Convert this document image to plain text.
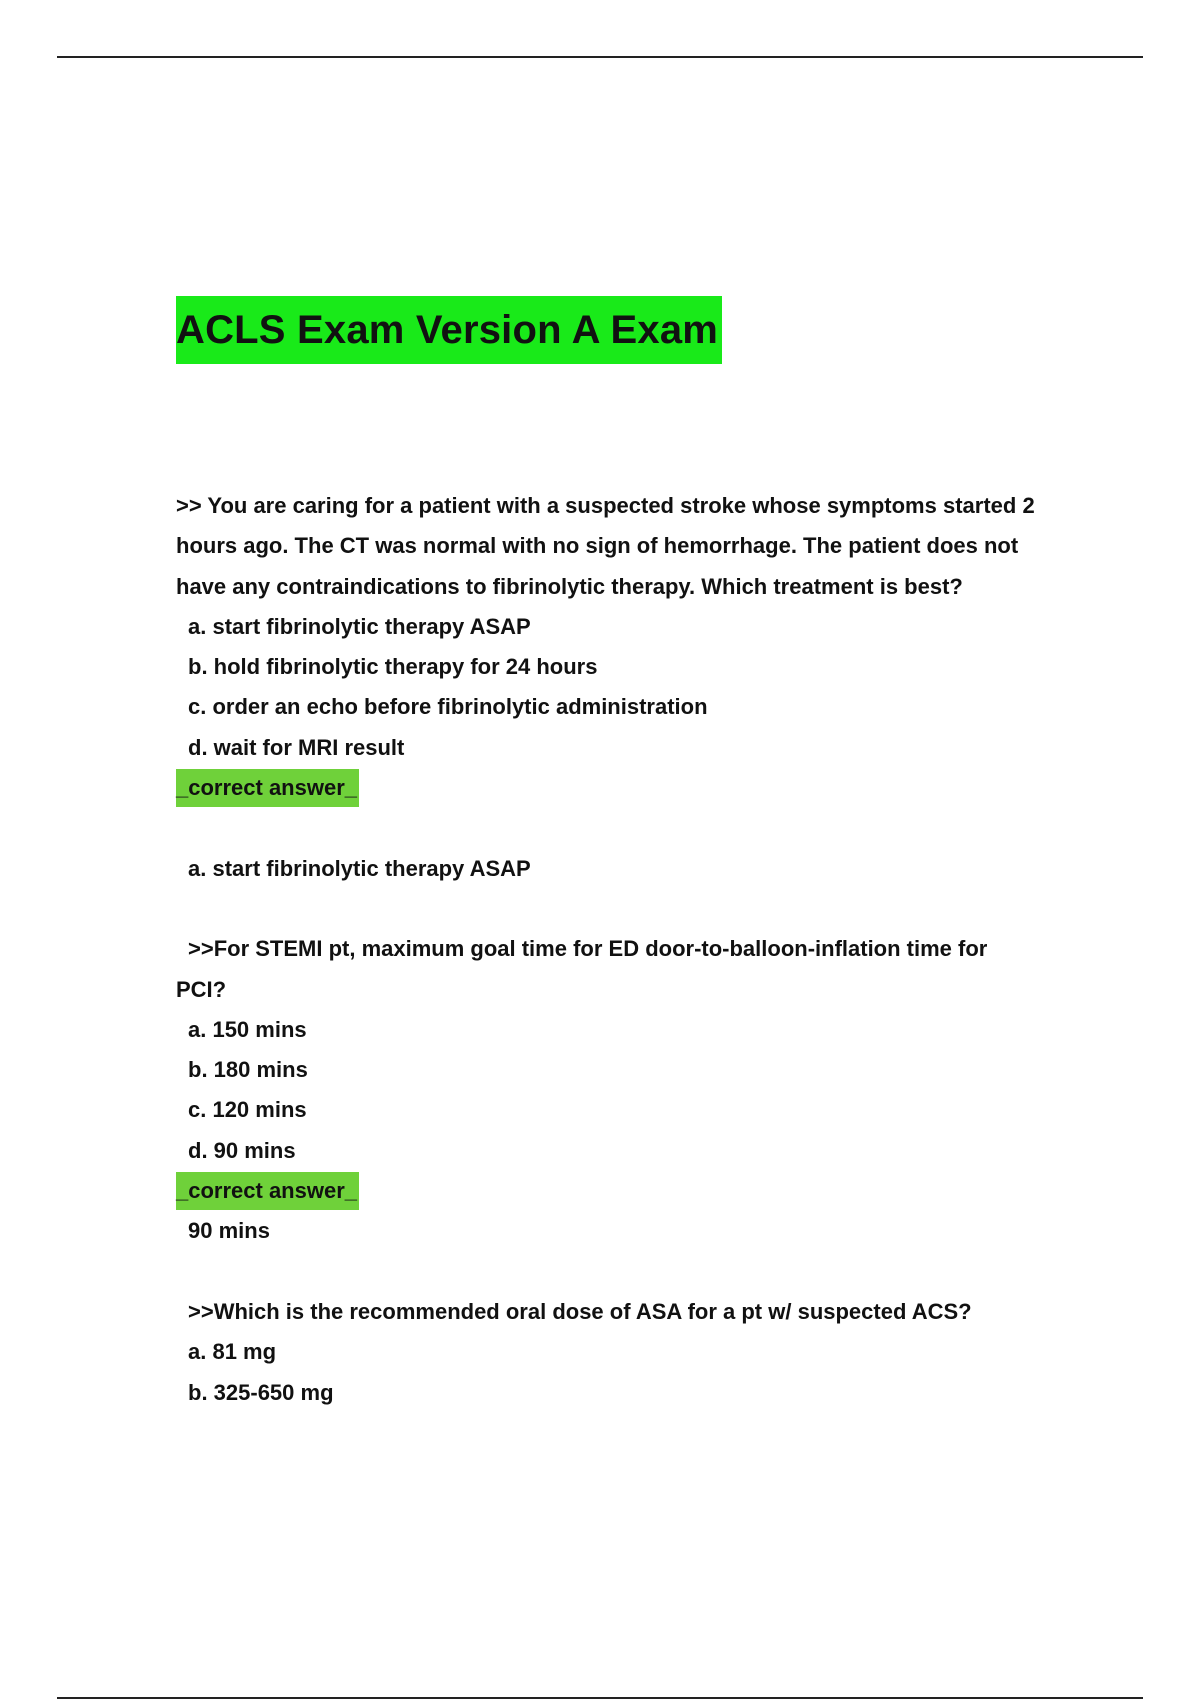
ACLS Exam Version A Exam

>> You are caring for a patient with a suspected stroke whose symptoms started 2 hours ago. The CT was normal with no sign of hemorrhage. The patient does not have any contraindications to fibrinolytic therapy. Which treatment is best?

a. start fibrinolytic therapy ASAP

b. hold fibrinolytic therapy for 24 hours

c. order an echo before fibrinolytic administration

d. wait for MRI result

_correct answer_

a. start fibrinolytic therapy ASAP

>>For STEMI pt, maximum goal time for ED door-to-balloon-inflation time for PCI?

a. 150 mins

b. 180 mins

c. 120 mins

d. 90 mins

_correct answer_

90 mins

>>Which is the recommended oral dose of ASA for a pt w/ suspected ACS?

a. 81 mg

b. 325-650 mg
